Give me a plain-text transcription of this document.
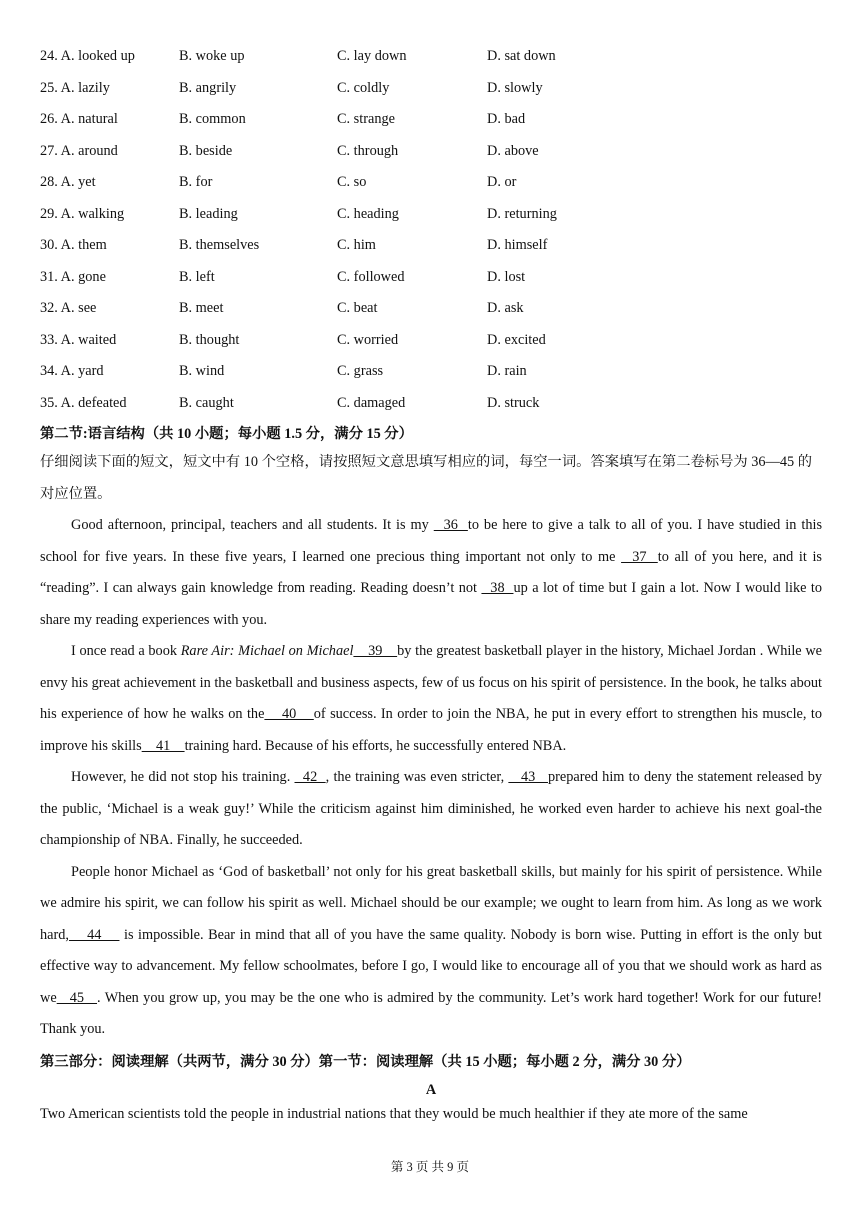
24. A. looked up	B. woke up	C. lay down	D. sat down
25. A. lazily	B. angrily	C. coldly	D. slowly
26. A. natural	B. common	C. strange	D. bad
27. A. around	B. beside	C. through	D. above
28. A. yet	B. for	C. so	D. or
29. A. walking	B. leading	C. heading	D. returning
30. A. them	B. themselves	C. him	D. himself
31. A. gone	B. left	C. followed	D. lost
32. A. see	B. meet	C. beat	D. ask
33. A. waited	B. thought	C. worried	D. excited
34. A. yard	B. wind	C. grass	D. rain
35. A. defeated	B. caught	C. damaged	D. struck

第二节:语言结构（共 10 小题；每小题 1.5 分，满分 15 分）

仔细阅读下面的短文，短文中有 10 个空格，请按照短文意思填写相应的词，每空一词。答案填写在第二卷标号为 36—45 的对应位置。

Good afternoon, principal, teachers and all students. It is my   36  to be here to give a talk to all of you. I have studied in this school for five years. In these five years, I learned one precious thing important not only to me   37  to all of you here, and it is “reading”. I can always gain knowledge from reading. Reading doesn’t not   38  up a lot of time but I gain a lot. Now I would like to share my reading experiences with you.

I once read a book Rare Air: Michael on Michael    39    by the greatest basketball player in the history, Michael Jordan . While we envy his great achievement in the basketball and business aspects, few of us focus on his spirit of persistence. In the book, he talks about his experience of how he walks on the    40    of success. In order to join the NBA, he put in every effort to strengthen his muscle, to improve his skills    41    training hard. Because of his efforts, he successfully entered NBA.

However, he did not stop his training.   42  , the training was even stricter,    43   prepared him to deny the statement released by the public, ‘Michael is a weak guy!’ While the criticism against him diminished, he worked even harder to achieve his next goal-the championship of NBA. Finally, he succeeded.

People honor Michael as ‘God of basketball’ not only for his great basketball skills, but mainly for his spirit of persistence. While we admire his spirit, we can follow his spirit as well. Michael should be our example; we ought to learn from him. As long as we work hard,    44     is impossible. Bear in mind that all of you have the same quality. Nobody is born wise. Putting in effort is the only but effective way to advancement. My fellow schoolmates, before I go, I would like to encourage all of you that we should work as hard as we   45   . When you grow up, you may be the one who is admired by the community. Let’s work hard together! Work for our future! Thank you.

第三部分：阅读理解（共两节，满分 30 分）第一节：阅读理解（共 15 小题；每小题 2 分，满分 30 分）

A

Two American scientists told the people in industrial nations that they would be much healthier if they ate more of the same

第 3 页 共 9 页
